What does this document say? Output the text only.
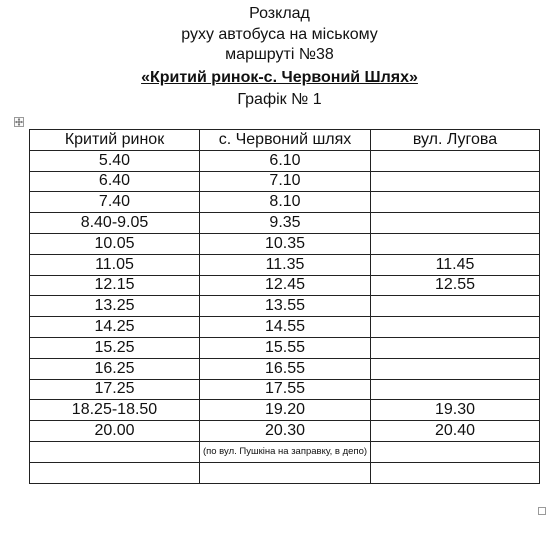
Розклад
руху автобуса на міському
маршруті №38
«Критий ринок-с. Червоний Шлях»
Графік № 1
Критий ринок	с. Червоний шлях	вул. Лугова
5.40	6.10	
6.40	7.10	
7.40	8.10	
8.40-9.05	9.35	
10.05	10.35	
11.05	11.35	11.45
12.15	12.45	12.55
13.25	13.55	
14.25	14.55	
15.25	15.55	
16.25	16.55	
17.25	17.55	
18.25-18.50	19.20	19.30
20.00	20.30	20.40
	(по вул. Пушкіна на заправку, в депо)	
